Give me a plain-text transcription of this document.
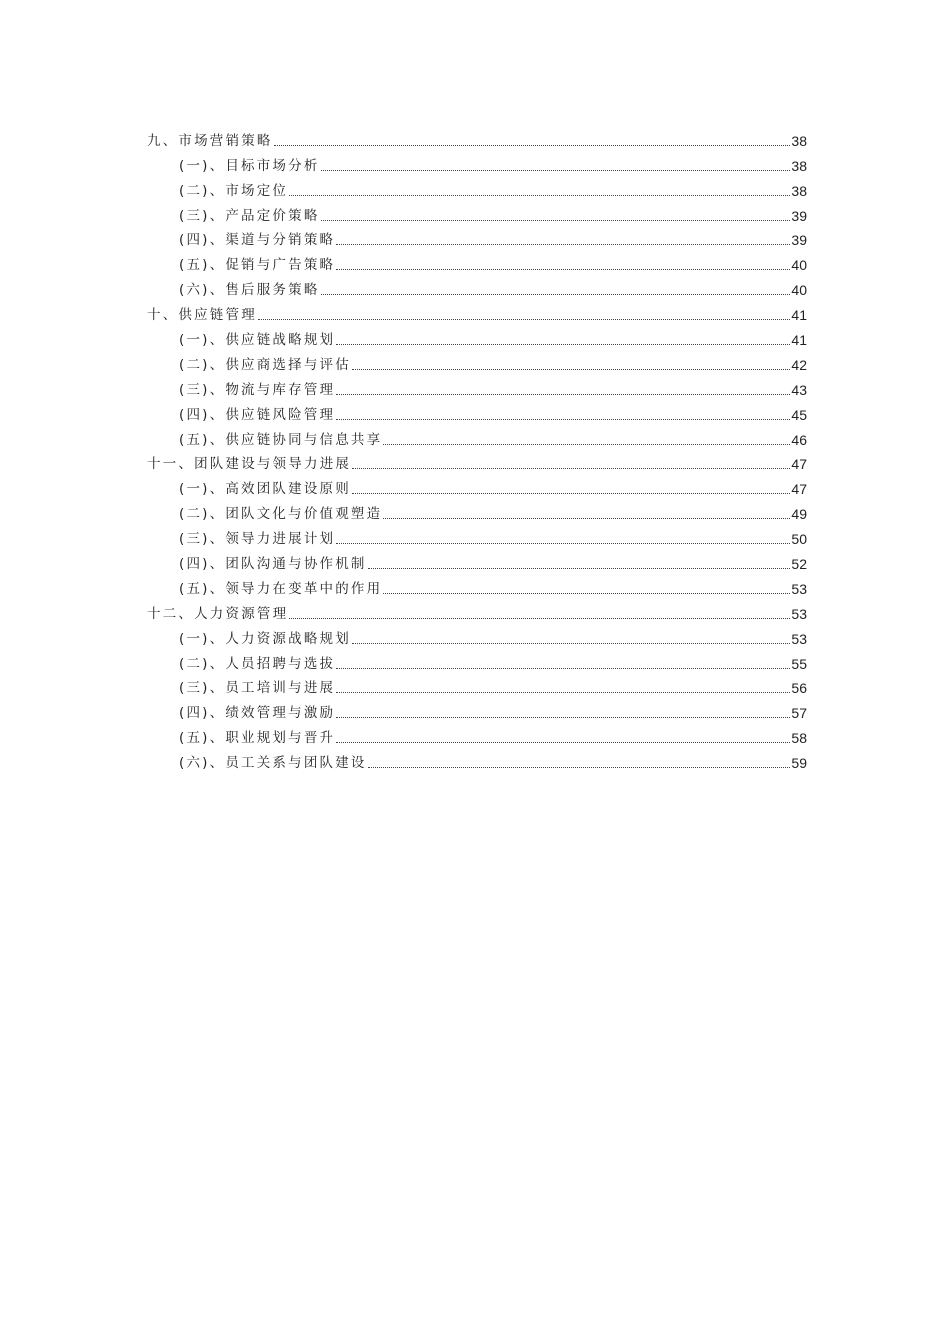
九、市场营销策略	38
(一)、目标市场分析	38
(二)、市场定位	38
(三)、产品定价策略	39
(四)、渠道与分销策略	39
(五)、促销与广告策略	40
(六)、售后服务策略	40
十、供应链管理	41
(一)、供应链战略规划	41
(二)、供应商选择与评估	42
(三)、物流与库存管理	43
(四)、供应链风险管理	45
(五)、供应链协同与信息共享	46
十一、团队建设与领导力进展	47
(一)、高效团队建设原则	47
(二)、团队文化与价值观塑造	49
(三)、领导力进展计划	50
(四)、团队沟通与协作机制	52
(五)、领导力在变革中的作用	53
十二、人力资源管理	53
(一)、人力资源战略规划	53
(二)、人员招聘与选拔	55
(三)、员工培训与进展	56
(四)、绩效管理与激励	57
(五)、职业规划与晋升	58
(六)、员工关系与团队建设	59
